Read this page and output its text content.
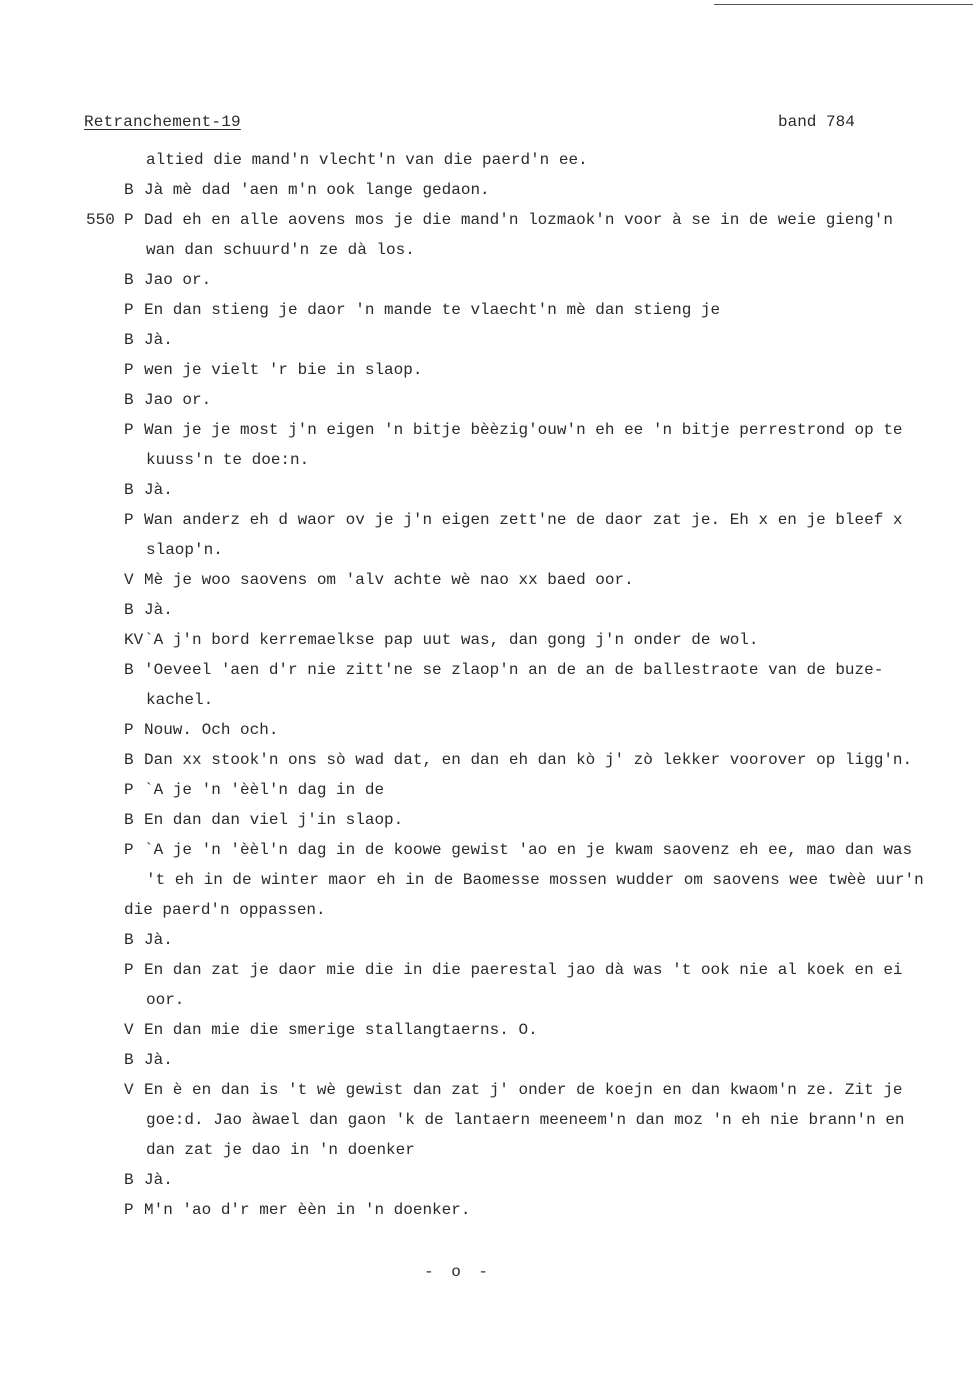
Retranchement-19	band 784
altied die mand'n vlecht'n van die paerd'n ee.
B Jà mè dad 'aen m'n ook lange gedaon.
550 P Dad eh en alle aovens mos je die mand'n lozmaok'n voor à se in de weie gieng'n
wan dan schuurd'n ze dà los.
B Jao or.
P En dan stieng je daor 'n mande te vlaecht'n mè dan stieng je
B Jà.
P wen je vielt 'r bie in slaop.
B Jao or.
P Wan je je most j'n eigen 'n bitje bèèzig'ouw'n eh ee 'n bitje perrestrond op te
kuuss'n te doe:n.
B Jà.
P Wan anderz eh d waor ov je j'n eigen zett'ne de daor zat je. Eh x en je bleef x
slaop'n.
V Mè je woo saovens om 'alv achte wè nao xx baed oor.
B Jà.
KV `A j'n bord kerremaelkse pap uut was, dan gong j'n onder de wol.
B 'Oeveel 'aen d'r nie zitt'ne se zlaop'n an de an de ballestraote van de buze-
kachel.
P Nouw. Och och.
B Dan xx stook'n ons sò wad dat, en dan eh dan kò j' zò lekker voorover op ligg'n.
P `A je 'n 'èèl'n dag in de
B En dan dan viel j'in slaop.
P `A je 'n 'èèl'n dag in de koowe gewist 'ao en je kwam saovenz eh ee, mao dan was
't eh in de winter maor eh in de Baomesse mossen wudder om saovens wee twèè uur'n
die paerd'n oppassen.
B Jà.
P En dan zat je daor mie die in die paerestal jao dà was 't ook nie al koek en ei
oor.
V En dan mie die smerige stallangtaerns. O.
B Jà.
V En è en dan is 't wè gewist dan zat j' onder de koejn en dan kwaom'n ze. Zit je
goe:d. Jao àwael dan gaon 'k de lantaern meeneem'n dan moz 'n eh nie brann'n en
dan zat je dao in 'n doenker
B Jà.
P M'n 'ao d'r mer èèn in 'n doenker.
- o -
